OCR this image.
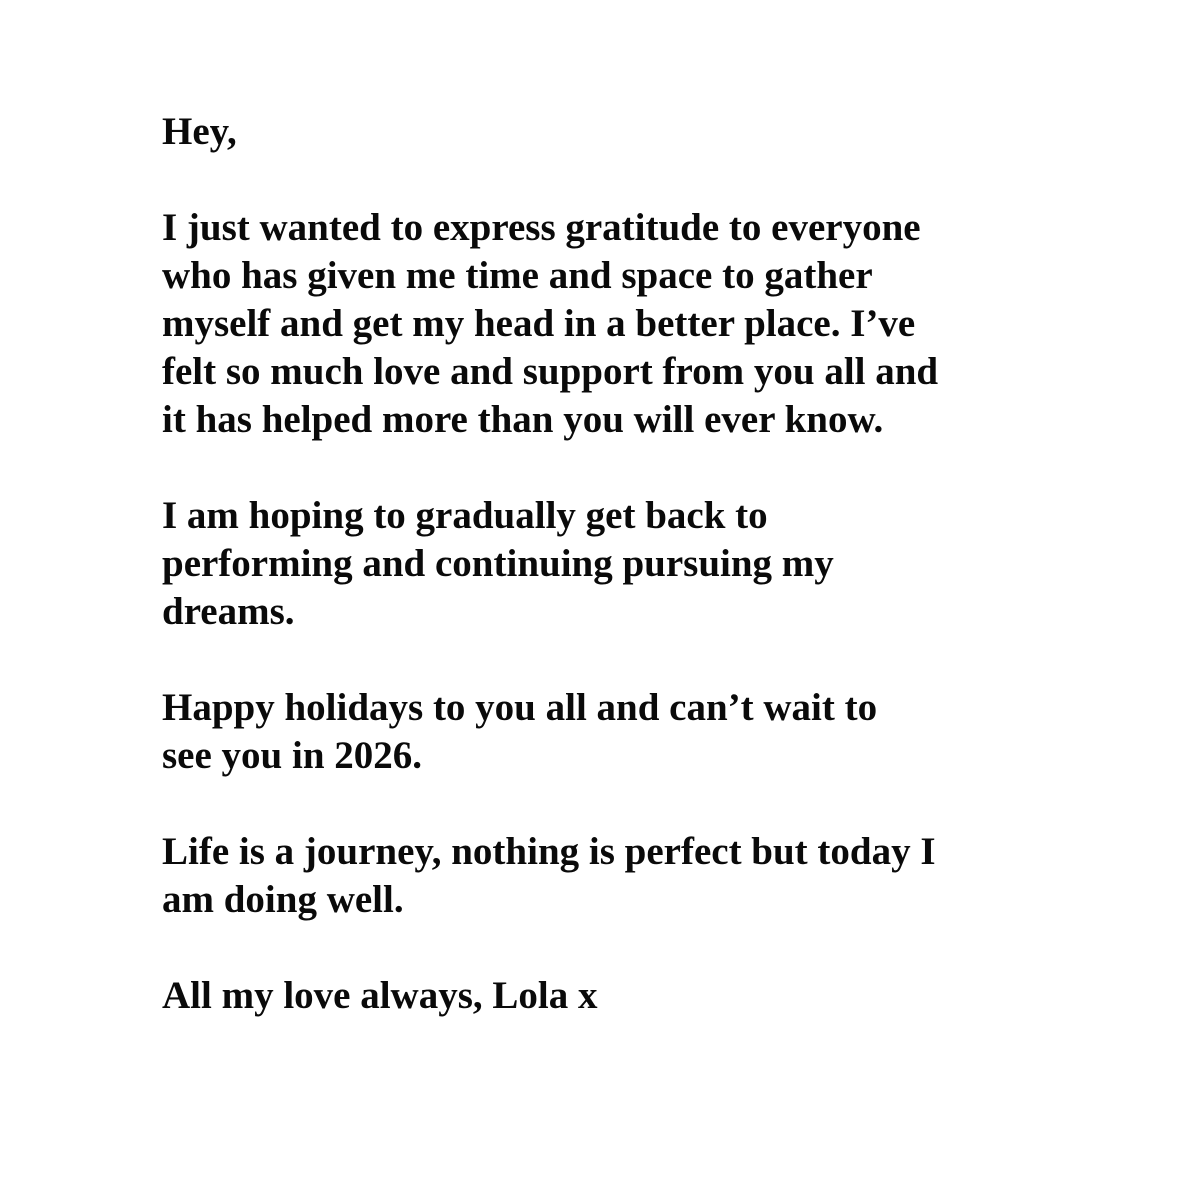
Hey,

I just wanted to express gratitude to everyone
who has given me time and space to gather
myself and get my head in a better place. I’ve
felt so much love and support from you all and
it has helped more than you will ever know.

I am hoping to gradually get back to
performing and continuing pursuing my
dreams.

Happy holidays to you all and can’t wait to
see you in 2026.

Life is a journey, nothing is perfect but today I
am doing well.

All my love always, Lola x
